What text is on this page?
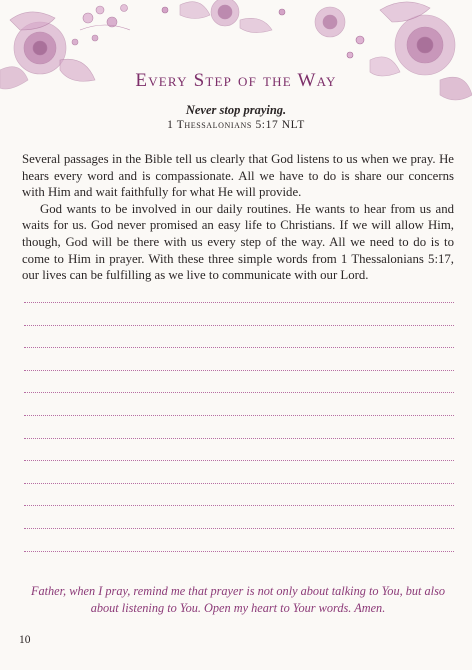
Every Step of the Way
Never stop praying.
1 Thessalonians 5:17 NLT

Several passages in the Bible tell us clearly that God listens to us when we pray. He hears every word and is compassionate. All we have to do is share our concerns with Him and wait faithfully for what He will provide.

God wants to be involved in our daily routines. He wants to hear from us and waits for us. God never promised an easy life to Christians. If we will allow Him, though, God will be there with us every step of the way. All we need to do is to come to Him in prayer. With these three simple words from 1 Thessalonians 5:17, our lives can be fulfilling as we live to communicate with our Lord.

Father, when I pray, remind me that prayer is not only about talking to You, but also about listening to You. Open my heart to Your words. Amen.
10
